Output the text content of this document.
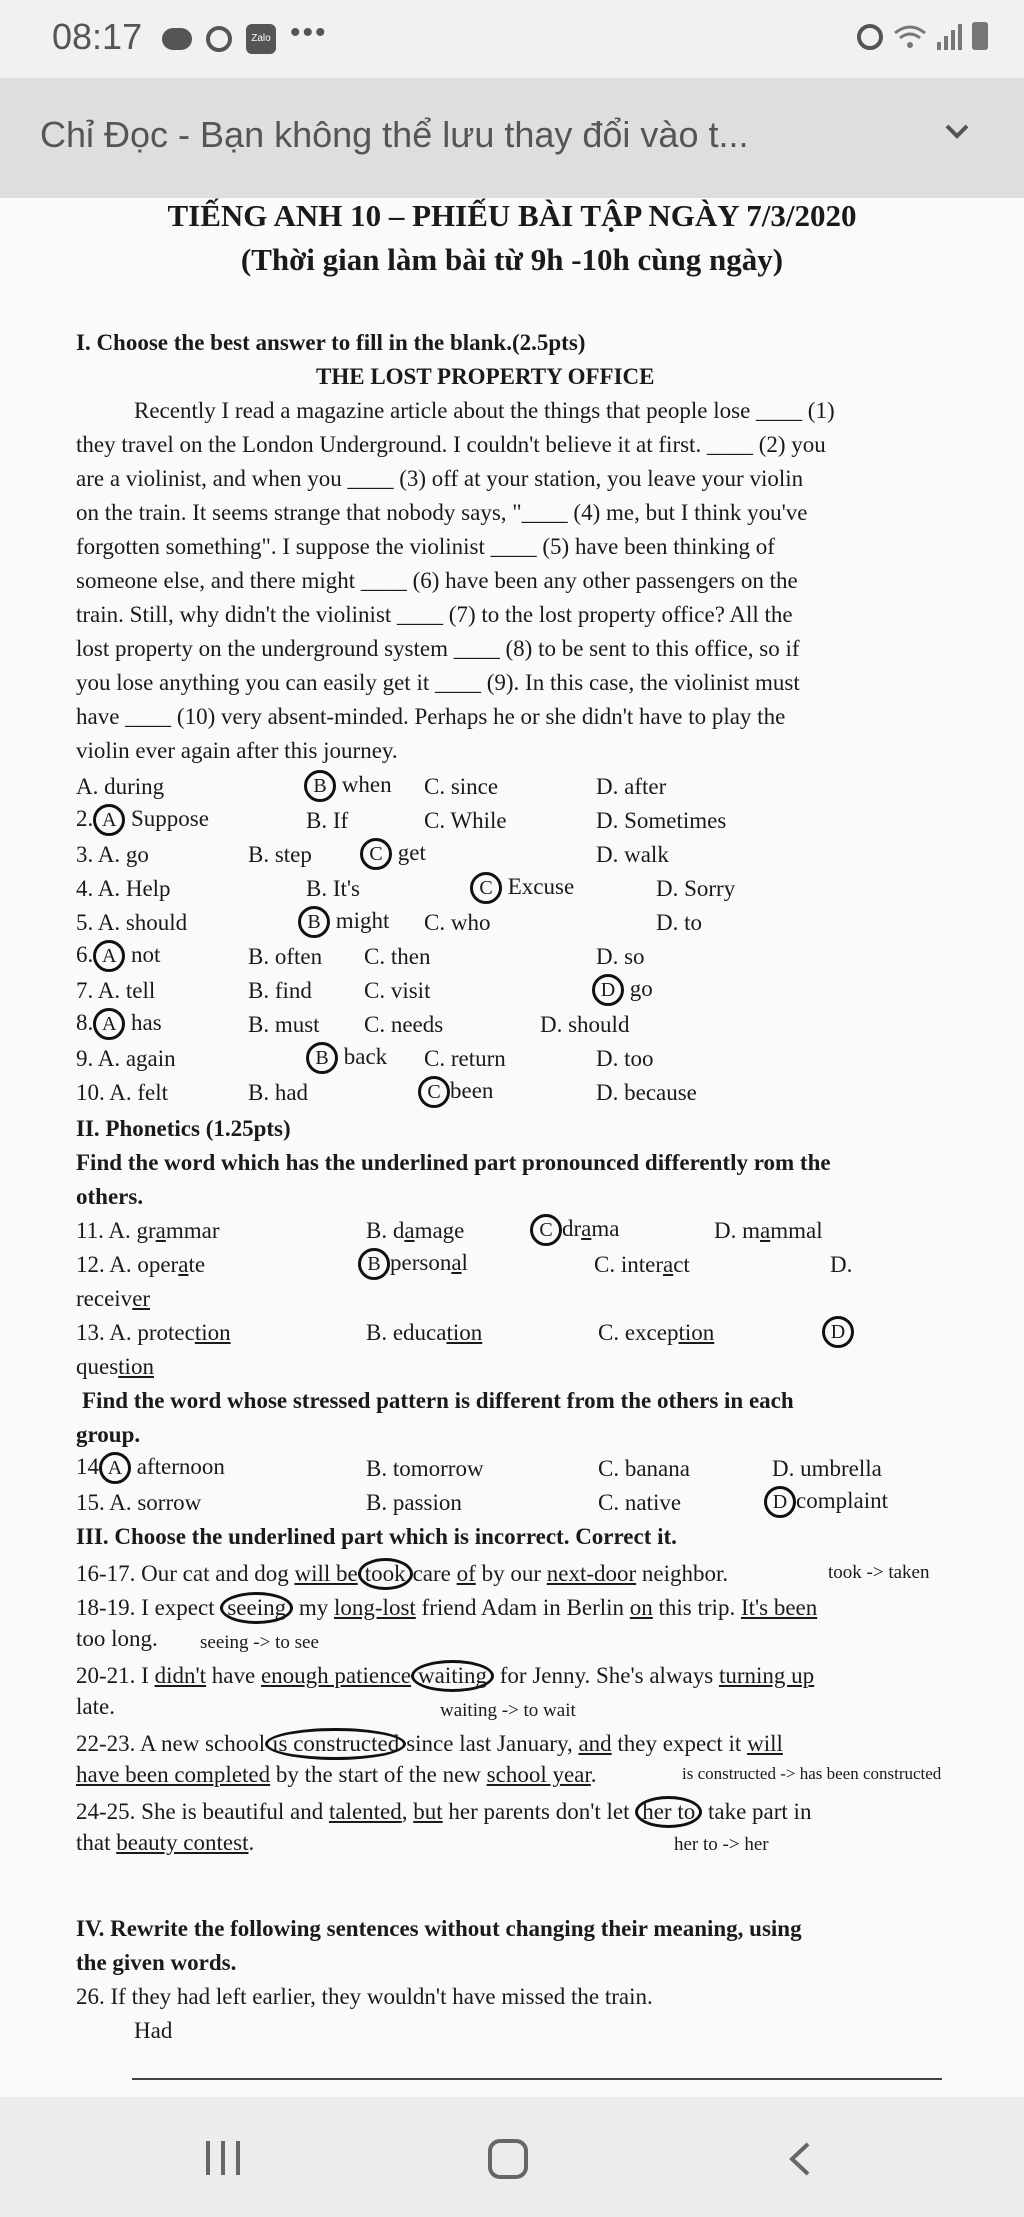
08:17	Zalo •••
Chỉ Đọc - Bạn không thể lưu thay đổi vào t...
TIẾNG ANH 10 – PHIẾU BÀI TẬP NGÀY 7/3/2020
(Thời gian làm bài từ 9h -10h cùng ngày)
I. Choose the best answer to fill in the blank.(2.5pts)
THE LOST PROPERTY OFFICE
Recently I read a magazine article about the things that people lose ____ (1)
they travel on the London Underground. I couldn't believe it at first. ____ (2) you
are a violinist, and when you ____ (3) off at your station, you leave your violin
on the train. It seems strange that nobody says, "____ (4) me, but I think you've
forgotten something". I suppose the violinist ____ (5) have been thinking of
someone else, and there might ____ (6) have been any other passengers on the
train. Still, why didn't the violinist ____ (7) to the lost property office? All the
lost property on the underground system ____ (8) to be sent to this office, so if
you lose anything you can easily get it ____ (9). In this case, the violinist must
have ____ (10) very absent-minded. Perhaps he or she didn't have to play the
violin ever again after this journey.
A. during	B when C. since	D. after
2. A Suppose	B. If	C. While	D. Sometimes
3. A. go	B. step	C get	D. walk
4. A. Help	B. It's	C Excuse	D. Sorry
5. A. should	B might C. who	D. to
6. A not	B. often C. then	D. so
7. A. tell	B. find C. visit	D go
8. A has	B. must C. needs	D. should
9. A. again	B back C. return	D. too
10. A. felt	B. had	C been	D. because
II. Phonetics (1.25pts)
Find the word which has the underlined part pronounced differently rom the
others.
11. A. grammar	B. damage	C drama	D. mammal
12. A. operate	B personal	C. interact	D.
receiver
13. A. protection	B. education	C. exception	D
question
Find the word whose stressed pattern is different from the others in each
group.
14 A afternoon	B. tomorrow	C. banana	D. umbrella
15. A. sorrow	B. passion	C. native	D complaint
III. Choose the underlined part which is incorrect. Correct it.
16-17. Our cat and dog will be took care of by our next-door neighbor.	took -> taken
18-19. I expect seeing my long-lost friend Adam in Berlin on this trip. It's been
too long. seeing -> to see
20-21. I didn't have enough patience waiting for Jenny. She's always turning up
late.	waiting -> to wait
22-23. A new school is constructed since last January, and they expect it will
have been completed by the start of the new school year.	is constructed -> has been constructed
24-25. She is beautiful and talented, but her parents don't let her to take part in
that beauty contest.	her to -> her
IV. Rewrite the following sentences without changing their meaning, using
the given words.
26. If they had left earlier, they wouldn't have missed the train.
Had
